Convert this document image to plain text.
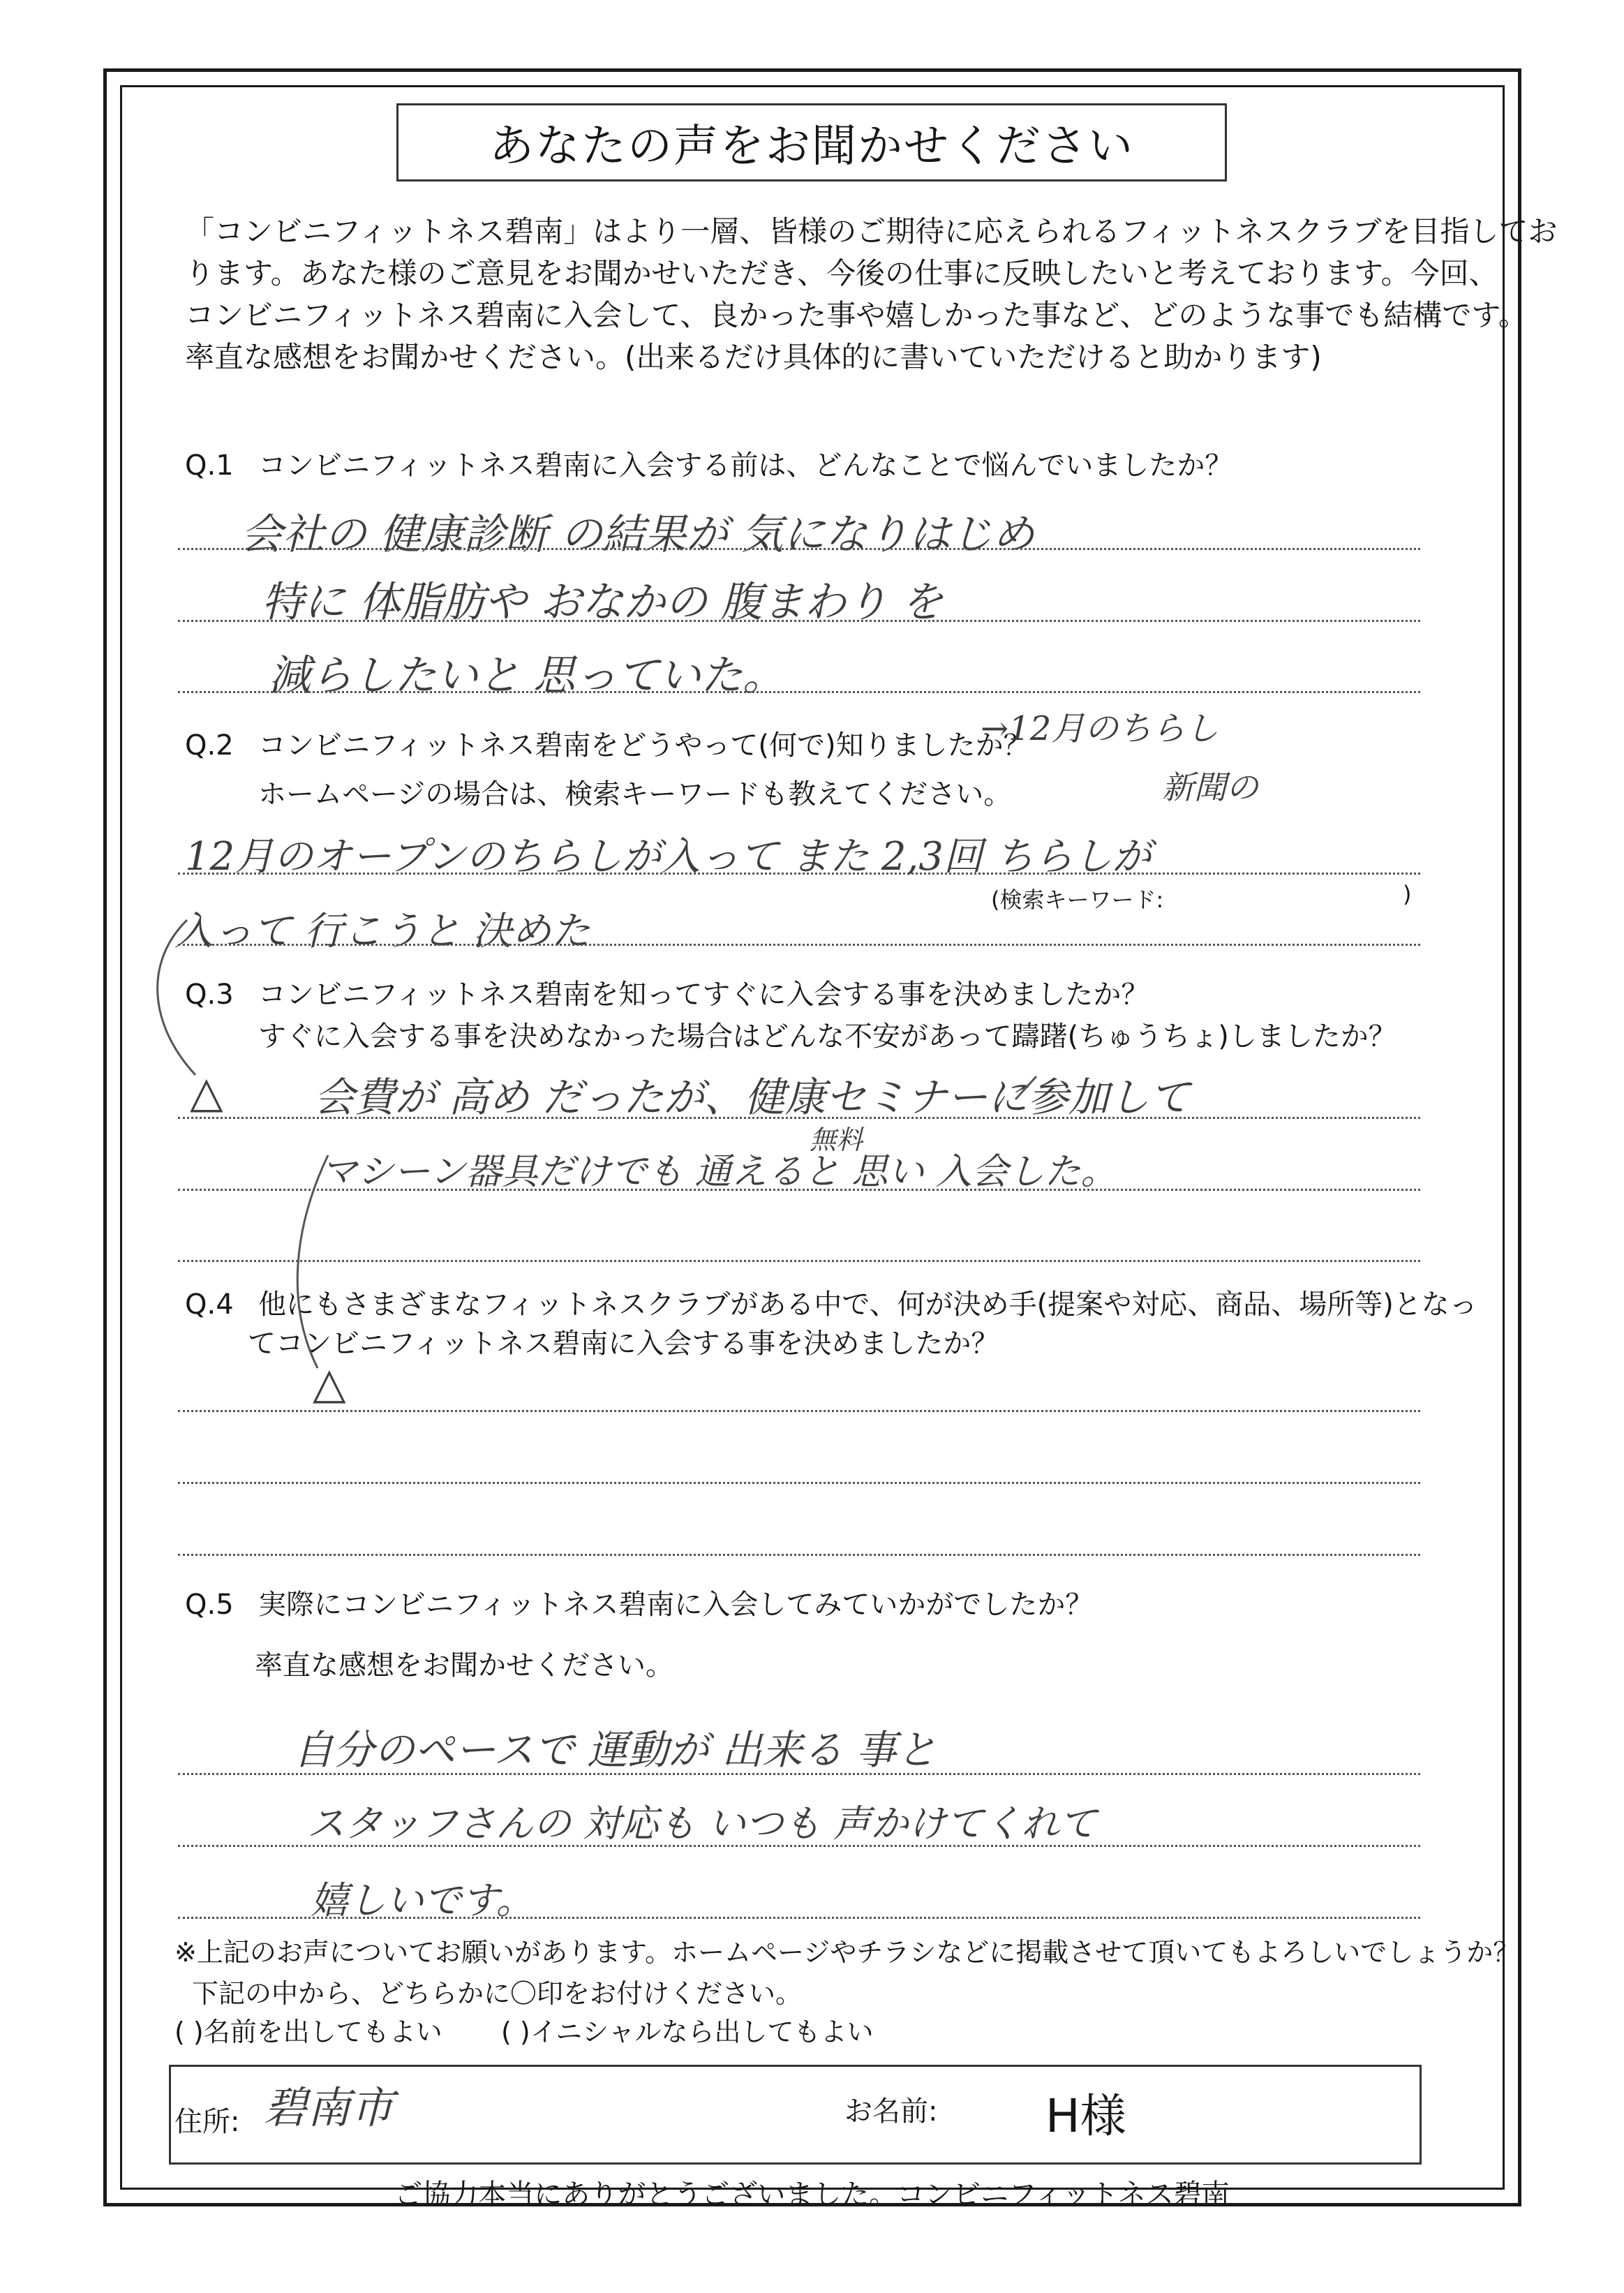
あなたの声をお聞かせください
「コンビニフィットネス碧南」はより一層、皆様のご期待に応えられるフィットネスクラブを目指してお
ります。あなた様のご意見をお聞かせいただき、今後の仕事に反映したいと考えております。今回、
コンビニフィットネス碧南に入会して、良かった事や嬉しかった事など、どのような事でも結構です。
率直な感想をお聞かせください。(出来るだけ具体的に書いていただけると助かります)
Q.1 コンビニフィットネス碧南に入会する前は、どんなことで悩んでいましたか？
会社の 健康診断 の結果が 気になりはじめ
特に 体脂肪や おなかの 腹まわり を
減らしたいと 思っていた。
Q.2 コンビニフィットネス碧南をどうやって(何で)知りましたか？
→12月のちらし
ホームページの場合は、検索キーワードも教えてください。	新聞の
12月のオープンのちらしが入って また 2,3回 ちらしが
(検索キーワード:	)
入って 行こうと 決めた
Q.3 コンビニフィットネス碧南を知ってすぐに入会する事を決めましたか？
すぐに入会する事を決めなかった場合はどんな不安があって躊躇(ちゅうちょ)しましたか？
△ 会費が 高め だったが、健康セミナーに参加して
無料
マシーン器具だけでも 通えると 思い 入会した。
Q.4 他にもさまざまなフィットネスクラブがある中で、何が決め手(提案や対応、商品、場所等)となっ
てコンビニフィットネス碧南に入会する事を決めましたか？
△
Q.5 実際にコンビニフィットネス碧南に入会してみていかがでしたか？
率直な感想をお聞かせください。
自分のペースで 運動が 出来る 事と
スタッフさんの 対応も いつも 声かけてくれて
嬉しいです。
※上記のお声についてお願いがあります。ホームページやチラシなどに掲載させて頂いてもよろしいでしょうか？
下記の中から、どちらかに〇印をお付けください。
( )名前を出してもよい ( )イニシャルなら出してもよい
住所: 碧南市	お名前: H様
ご協力本当にありがとうございました。コンビニフィットネス碧南
